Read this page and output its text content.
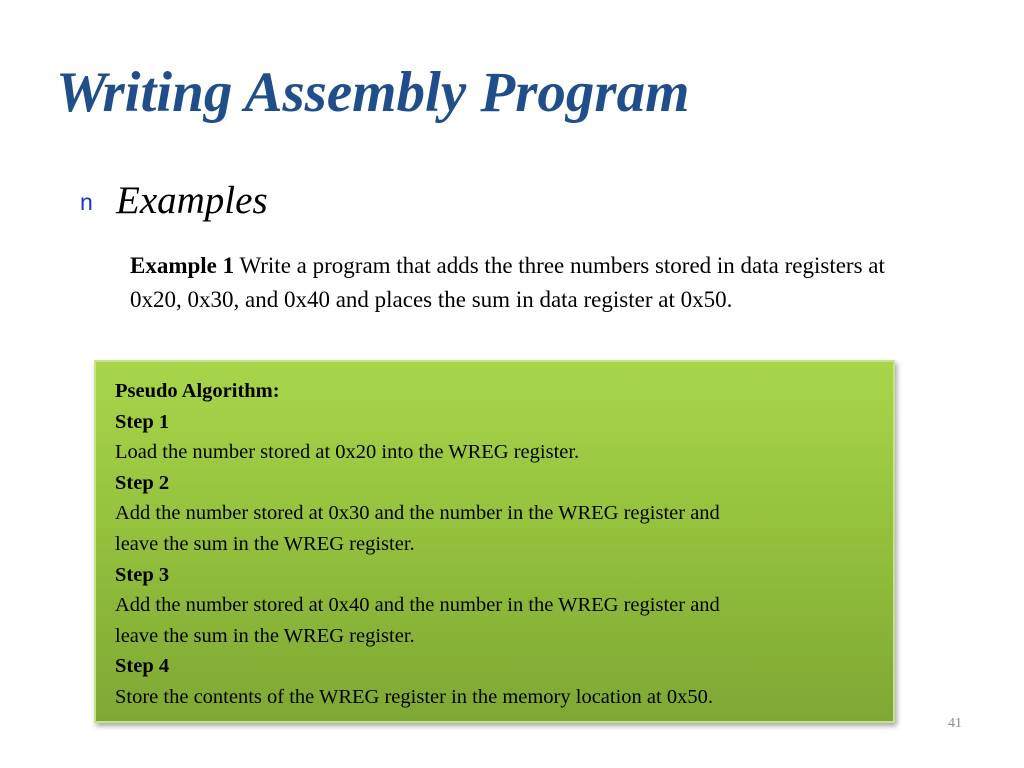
Writing Assembly Program
n Examples

Example 1 Write a program that adds the three numbers stored in data registers at 0x20, 0x30, and 0x40 and places the sum in data register at 0x50.

Pseudo Algorithm:
Step 1
Load the number stored at 0x20 into the WREG register.
Step 2
Add the number stored at 0x30 and the number in the WREG register and
leave the sum in the WREG register.
Step 3
Add the number stored at 0x40 and the number in the WREG register and
leave the sum in the WREG register.
Step 4
Store the contents of the WREG register in the memory location at 0x50.
41
